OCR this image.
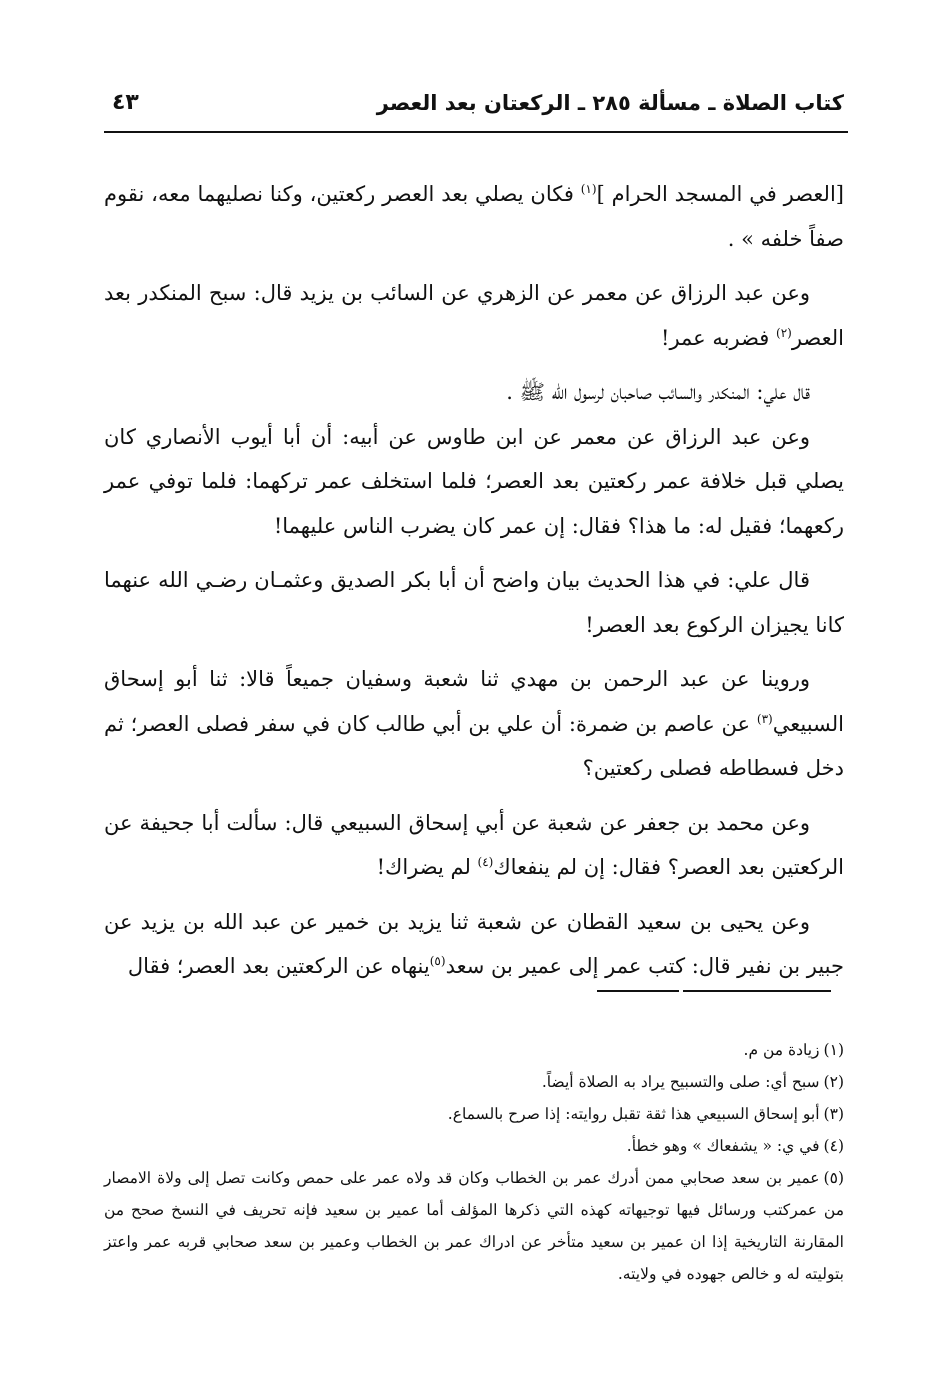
كتاب الصلاة ـ مسألة ٢٨٥ ـ الركعتان بعد العصر
٤٣

[العصر في المسجد الحرام ]$^{(١)}$ فكان يصلي بعد العصر ركعتين، وكنا نصليهما معه، نقوم صفاً خلفه » .

وعن عبد الرزاق عن معمر عن الزهري عن السائب بن يزيد قال: سبح المنكدر بعد العصر$^{(٢)}$ فضربه عمر!

قال علي: المنكدر والسائب صاحبان لرسول الله ﷺ .

وعن عبد الرزاق عن معمر عن ابن طاوس عن أبيه: أن أبا أيوب الأنصاري كان يصلي قبل خلافة عمر ركعتين بعد العصر؛ فلما استخلف عمر تركهما: فلما توفي عمر ركعهما؛ فقيل له: ما هذا؟ فقال: إن عمر كان يضرب الناس عليهما!

قال علي: في هذا الحديث بيان واضح أن أبا بكر الصديق وعثمـان رضـي الله عنهما كانا يجيزان الركوع بعد العصر!

وروينا عن عبد الرحمن بن مهدي ثنا شعبة وسفيان جميعاً قالا: ثنا أبو إسحاق السبيعي$^{(٣)}$ عن عاصم بن ضمرة: أن علي بن أبي طالب كان في سفر فصلى العصر؛ ثم دخل فسطاطه فصلى ركعتين؟

وعن محمد بن جعفر عن شعبة عن أبي إسحاق السبيعي قال: سألت أبا جحيفة عن الركعتين بعد العصر؟ فقال: إن لم ينفعاك$^{(٤)}$ لم يضراك!

وعن يحيى بن سعيد القطان عن شعبة ثنا يزيد بن خمير عن عبد الله بن يزيد عن جبير بن نفير قال: كتب عمر إلى عمير بن سعد$^{(٥)}$ينهاه عن الركعتين بعد العصر؛ فقال

(١)زيادة من م.

(٢)سبح أي: صلى والتسبيح يراد به الصلاة أيضاً.

(٣)أبو إسحاق السبيعي هذا ثقة تقبل روايته: إذا صرح بالسماع.

(٤)في ي: « يشفعاك » وهو خطأ.

(٥)عمير بن سعد صحابي ممن أدرك عمر بن الخطاب وكان قد ولاه عمر على حمص وكانت تصل إلى ولاة الامصار من عمركتب ورسائل فيها توجيهاته كهذه التي ذكرها المؤلف أما عمير بن سعيد فإنه تحريف في النسخ صحح من المقارنة التاريخية إذا ان عمير بن سعيد متأخر عن ادراك عمر بن الخطاب وعمير بن سعد صحابي قربه عمر واعتز بتوليته له و خالص جهوده في ولايته.
